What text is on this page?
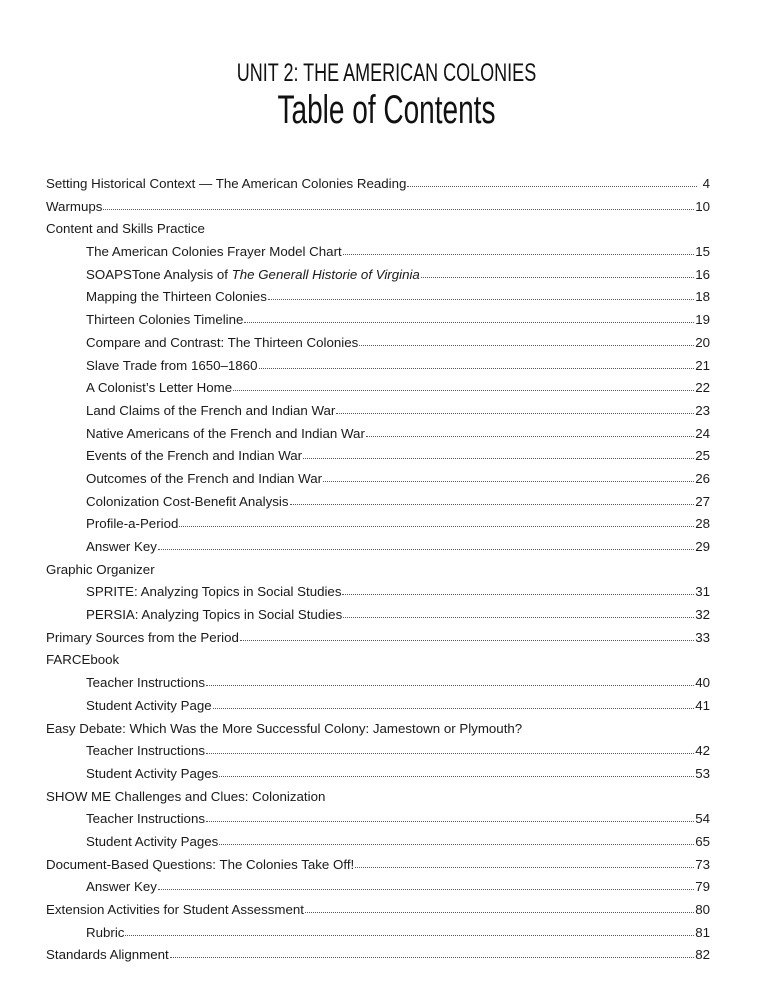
UNIT 2: THE AMERICAN COLONIES
Table of Contents
Setting Historical Context — The American Colonies Reading	4
Warmups	10
Content and Skills Practice
The American Colonies Frayer Model Chart	15
SOAPSTone Analysis of The Generall Historie of Virginia	16
Mapping the Thirteen Colonies	18
Thirteen Colonies Timeline	19
Compare and Contrast: The Thirteen Colonies	20
Slave Trade from 1650–1860	21
A Colonist’s Letter Home	22
Land Claims of the French and Indian War	23
Native Americans of the French and Indian War	24
Events of the French and Indian War	25
Outcomes of the French and Indian War	26
Colonization Cost-Benefit Analysis	27
Profile-a-Period	28
Answer Key	29
Graphic Organizer
SPRITE: Analyzing Topics in Social Studies	31
PERSIA: Analyzing Topics in Social Studies	32
Primary Sources from the Period	33
FARCEbook
Teacher Instructions	40
Student Activity Page	41
Easy Debate: Which Was the More Successful Colony: Jamestown or Plymouth?
Teacher Instructions	42
Student Activity Pages	53
SHOW ME Challenges and Clues: Colonization
Teacher Instructions	54
Student Activity Pages	65
Document-Based Questions: The Colonies Take Off!	73
Answer Key	79
Extension Activities for Student Assessment	80
Rubric	81
Standards Alignment	82
